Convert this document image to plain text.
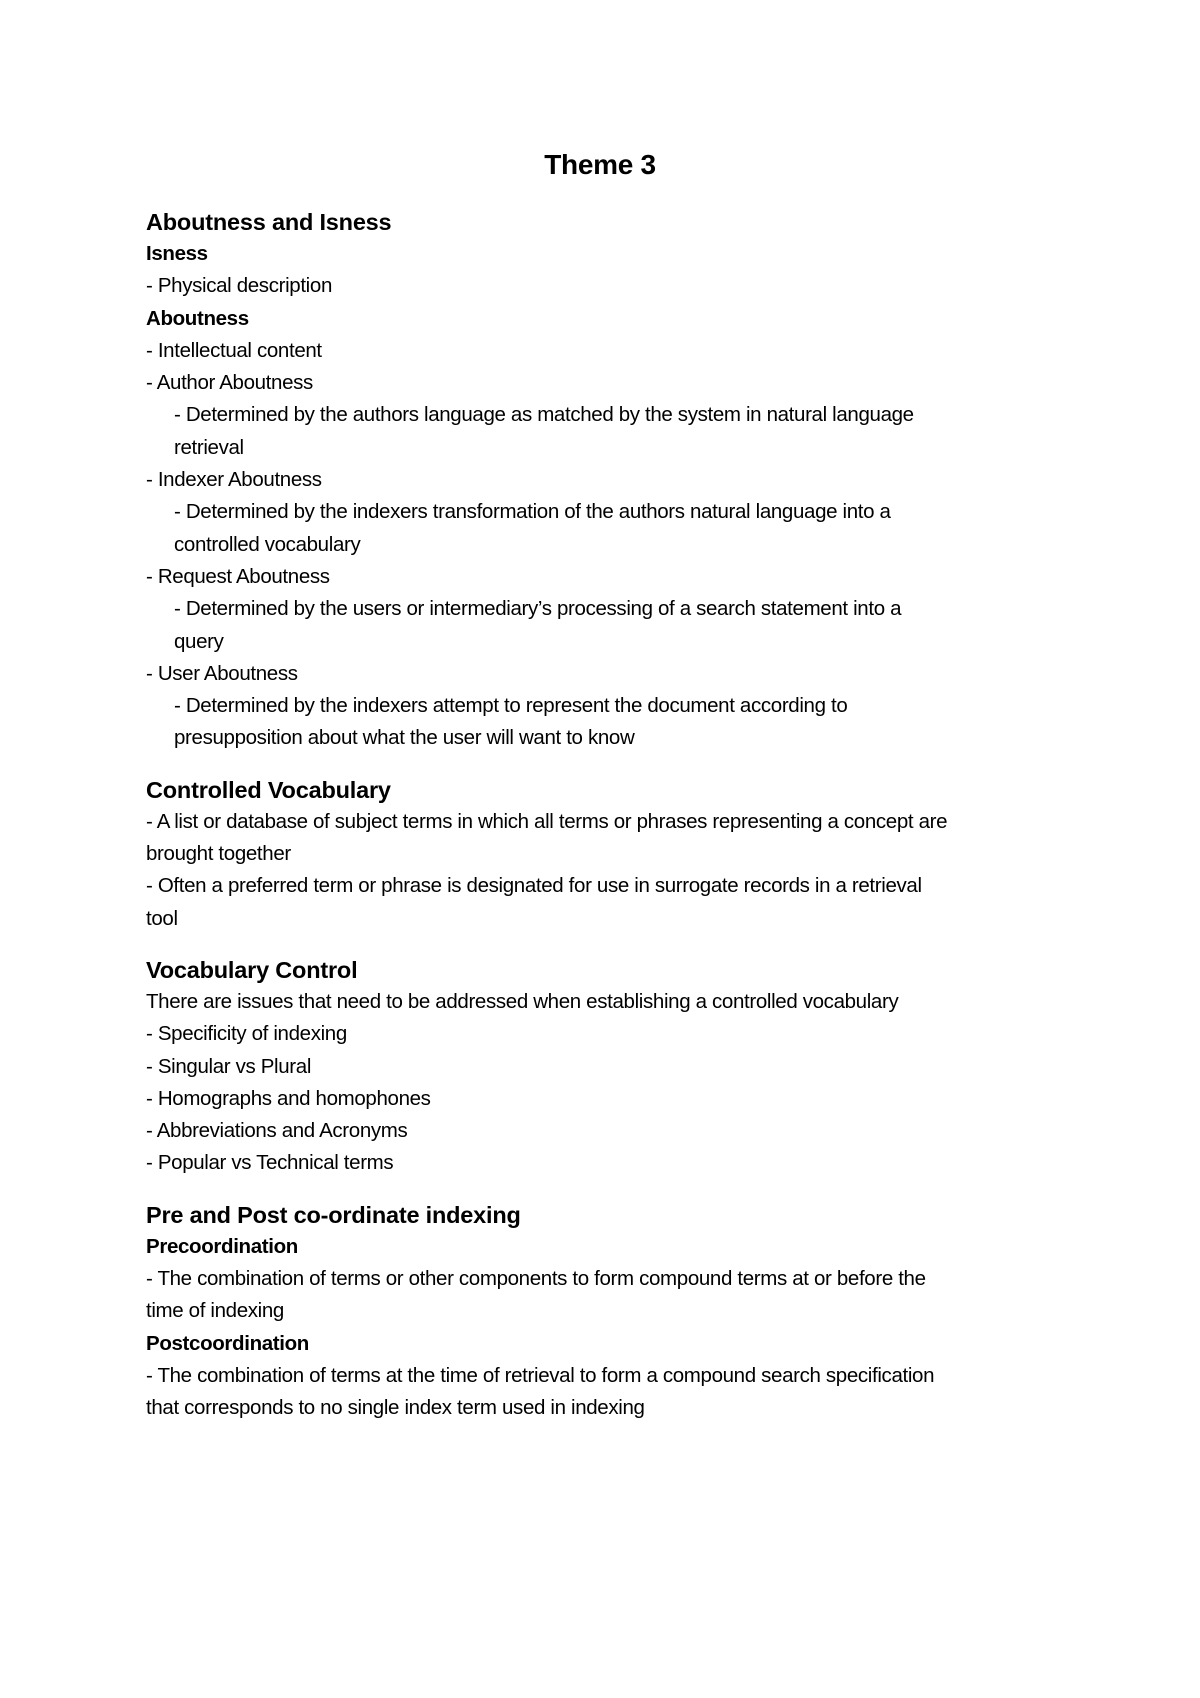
Theme 3
Aboutness and Isness
Isness
- Physical description
Aboutness
- Intellectual content
- Author Aboutness
- Determined by the authors language as matched by the system in natural language
retrieval
- Indexer Aboutness
- Determined by the indexers transformation of the authors natural language into a
controlled vocabulary
- Request Aboutness
- Determined by the users or intermediary’s processing of a search statement into a
query
- User Aboutness
- Determined by the indexers attempt to represent the document according to
presupposition about what the user will want to know
Controlled Vocabulary
- A list or database of subject terms in which all terms or phrases representing a concept are
brought together
- Often a preferred term or phrase is designated for use in surrogate records in a retrieval
tool
Vocabulary Control
There are issues that need to be addressed when establishing a controlled vocabulary
- Specificity of indexing
- Singular vs Plural
- Homographs and homophones
- Abbreviations and Acronyms
- Popular vs Technical terms
Pre and Post co-ordinate indexing
Precoordination
- The combination of terms or other components to form compound terms at or before the
time of indexing
Postcoordination
- The combination of terms at the time of retrieval to form a compound search specification
that corresponds to no single index term used in indexing
